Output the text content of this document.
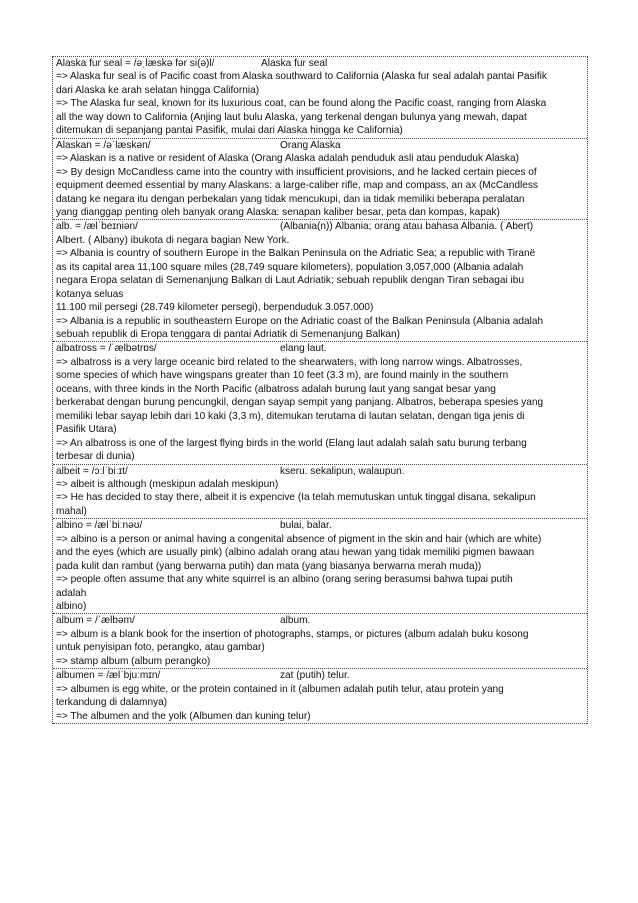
Alaska fur seal = /əˌlæskə fər si(ə)l/	Alaska fur seal
=> Alaska fur seal is of Pacific coast from Alaska southward to California (Alaska fur seal adalah pantai Pasifik
dari Alaska ke arah selatan hingga California)
=> The Alaska fur seal, known for its luxurious coat, can be found along the Pacific coast, ranging from Alaska
all the way down to California (Anjing laut bulu Alaska, yang terkenal dengan bulunya yang mewah, dapat
ditemukan di sepanjang pantai Pasifik, mulai dari Alaska hingga ke California)
Alaskan = /əˈlæskən/	Orang Alaska
=> Alaskan is a native or resident of Alaska (Orang Alaska adalah penduduk asli atau penduduk Alaska)
=> By design McCandless came into the country with insufficient provisions, and he lacked certain pieces of
equipment deemed essential by many Alaskans: a large-caliber rifle, map and compass, an ax (McCandless
datang ke negara itu dengan perbekalan yang tidak mencukupi, dan ia tidak memiliki beberapa peralatan
yang dianggap penting oleh banyak orang Alaska: senapan kaliber besar, peta dan kompas, kapak)
alb. = /ælˈbeɪniən/	(Albania(n)) Albania; orang atau bahasa Albania. ( Abert)
Albert. ( Albany) ibukota di negara bagian New York.
=> Albania is country of southern Europe in the Balkan Peninsula on the Adriatic Sea; a republic with Tiranë
as its capital area 11,100 square miles (28,749 square kilometers), population 3,057,000 (Albania adalah
negara Eropa selatan di Semenanjung Balkan di Laut Adriatik; sebuah republik dengan Tiran sebagai ibu
kotanya seluas
11.100 mil persegi (28.749 kilometer persegi), berpenduduk 3.057.000)
=> Albania is a republic in southeastern Europe on the Adriatic coast of the Balkan Peninsula (Albania adalah
sebuah republik di Eropa tenggara di pantai Adriatik di Semenanjung Balkan)
albatross = /ˈælbətrɒs/	elang laut.
=> albatross is a very large oceanic bird related to the shearwaters, with long narrow wings. Albatrosses,
some species of which have wingspans greater than 10 feet (3.3 m), are found mainly in the southern
oceans, with three kinds in the North Pacific (albatross adalah burung laut yang sangat besar yang
berkerabat dengan burung pencungkil, dengan sayap sempit yang panjang. Albatros, beberapa spesies yang
memiliki lebar sayap lebih dari 10 kaki (3,3 m), ditemukan terutama di lautan selatan, dengan tiga jenis di
Pasifik Utara)
=> An albatross is one of the largest flying birds in the world (Elang laut adalah salah satu burung terbang
terbesar di dunia)
albeit = /ɔːlˈbiːɪt/	kseru. sekalipun, walaupun.
=> albeit is although (meskipun adalah meskipun)
=> He has decided to stay there, albeit it is expencive (Ia telah memutuskan untuk tinggal disana, sekalipun
mahal)
albino = /ælˈbiːnəʊ/	bulai, balar.
=> albino is a person or animal having a congenital absence of pigment in the skin and hair (which are white)
and the eyes (which are usually pink) (albino adalah orang atau hewan yang tidak memiliki pigmen bawaan
pada kulit dan rambut (yang berwarna putih) dan mata (yang biasanya berwarna merah muda))
=> people often assume that any white squirrel is an albino (orang sering berasumsi bahwa tupai putih
adalah
albino)
album = /ˈælbəm/	album.
=> album is a blank book for the insertion of photographs, stamps, or pictures (album adalah buku kosong
untuk penyisipan foto, perangko, atau gambar)
=> stamp album (album perangko)
albumen = /ælˈbjuːmɪn/	zat (putih) telur.
=> albumen is egg white, or the protein contained in it (albumen adalah putih telur, atau protein yang
terkandung di dalamnya)
=> The albumen and the yolk (Albumen dan kuning telur)
